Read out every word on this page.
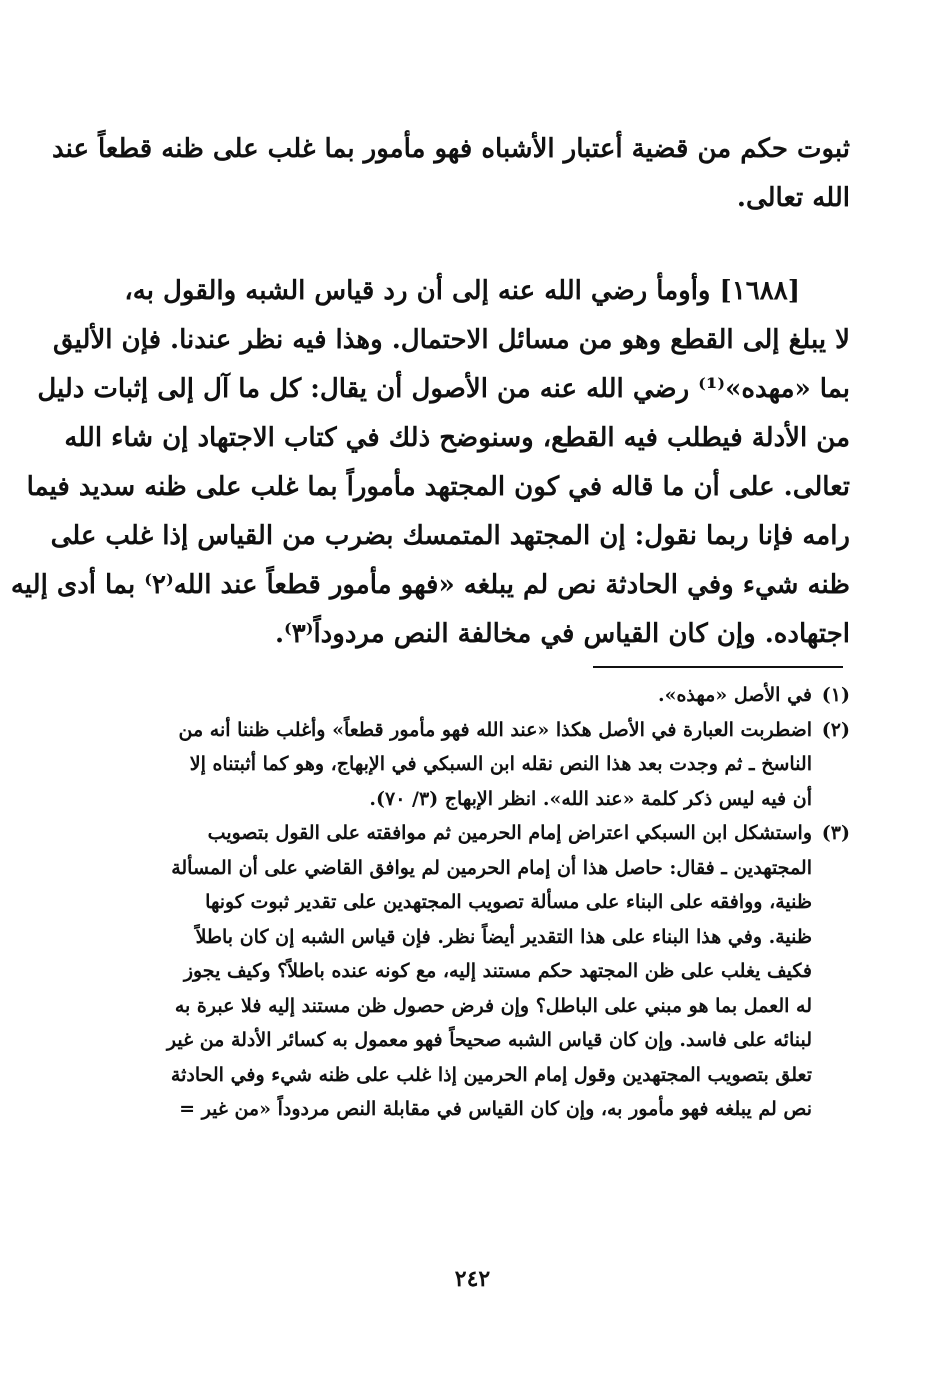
ثبوت حكم من قضية أعتبار الأشباه فهو مأمور بما غلب على ظنه قطعاً عند

الله تعالى.

[١٦٨٨] وأومأ رضي الله عنه إلى أن رد قياس الشبه والقول به،

لا يبلغ إلى القطع وهو من مسائل الاحتمال. وهذا فيه نظر عندنا. فإن الأليق

بما «مهده»⁽¹⁾ رضي الله عنه من الأصول أن يقال: كل ما آل إلى إثبات دليل

من الأدلة فيطلب فيه القطع، وسنوضح ذلك في كتاب الاجتهاد إن شاء الله

تعالى. على أن ما قاله في كون المجتهد مأموراً بما غلب على ظنه سديد فيما

رامه فإنا ربما نقول: إن المجتهد المتمسك بضرب من القياس إذا غلب على

ظنه شيء وفي الحادثة نص لم يبلغه «فهو مأمور قطعاً عند الله⁽٢⁾ بما أدى إليه

اجتهاده. وإن كان القياس في مخالفة النص مردوداً⁽٣⁾.

(١)في الأصل «مهذه».

(٢)اضطربت العبارة في الأصل هكذا «عند الله فهو مأمور قطعاً» وأغلب ظننا أنه من

الناسخ ـ ثم وجدت بعد هذا النص نقله ابن السبكي في الإبهاج، وهو كما أثبتناه إلا

أن فيه ليس ذكر كلمة «عند الله». انظر الإبهاج (٣/ ٧٠).

(٣)واستشكل ابن السبكي اعتراض إمام الحرمين ثم موافقته على القول بتصويب

المجتهدين ـ فقال: حاصل هذا أن إمام الحرمين لم يوافق القاضي على أن المسألة

ظنية، ووافقه على البناء على مسألة تصويب المجتهدين على تقدير ثبوت كونها

ظنية. وفي هذا البناء على هذا التقدير أيضاً نظر. فإن قياس الشبه إن كان باطلاً

فكيف يغلب على ظن المجتهد حكم مستند إليه، مع كونه عنده باطلاً؟ وكيف يجوز

له العمل بما هو مبني على الباطل؟ وإن فرض حصول ظن مستند إليه فلا عبرة به

لبنائه على فاسد. وإن كان قياس الشبه صحيحاً فهو معمول به كسائر الأدلة من غير

تعلق بتصويب المجتهدين وقول إمام الحرمين إذا غلب على ظنه شيء وفي الحادثة

نص لم يبلغه فهو مأمور به، وإن كان القياس في مقابلة النص مردوداً «من غير =

٢٤٢
